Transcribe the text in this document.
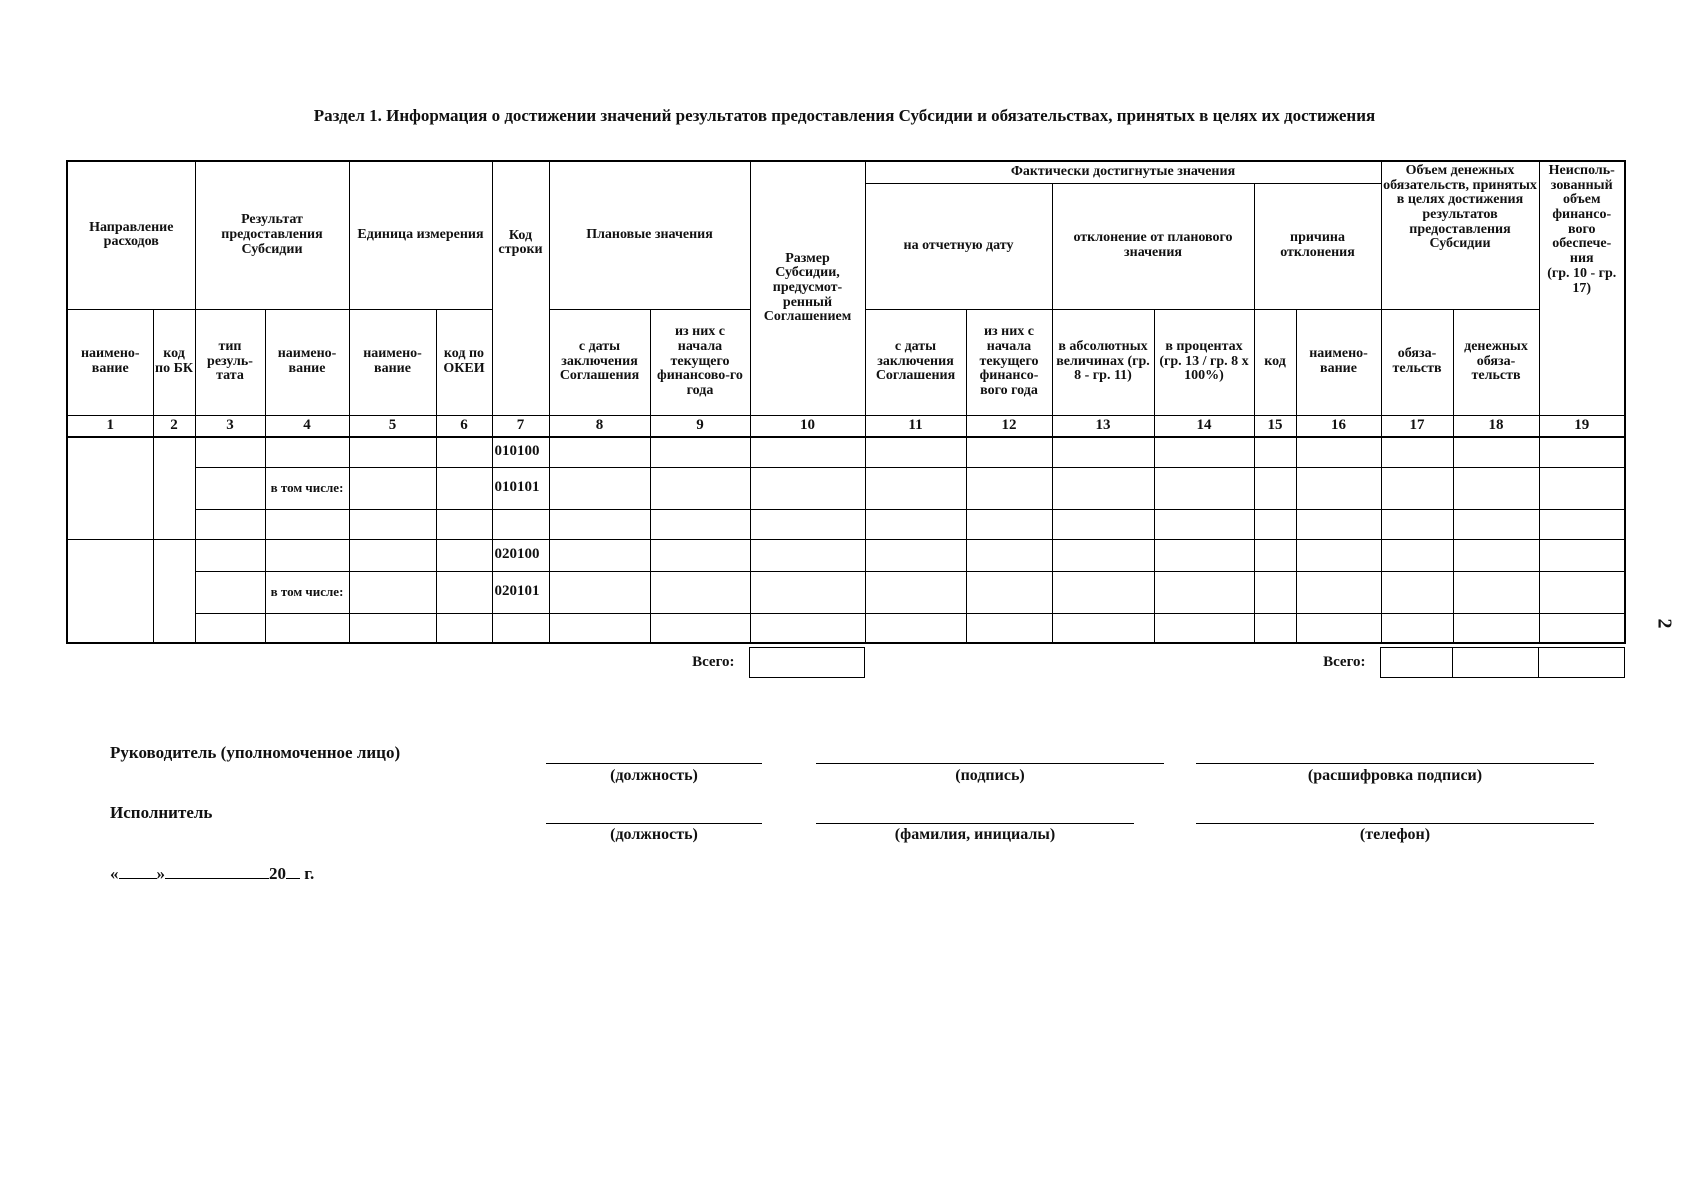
Раздел 1. Информация о достижении значений результатов предоставления Субсидии и обязательствах, принятых в целях их достижения
Направление расходов		Результат предоставления Субсидии		Единица измерения		Код строки	Плановые значения		Размер Субсидии, предусмот-ренный Соглашением	Фактически достигнутые значения						Объем денежных обязательств, принятых в целях достижения результатов предоставления Субсидии		Неисполь-зованный объем финансо-вого обеспече-ния
(гр. 10 - гр. 17)
										на отчетную дату		отклонение от планового значения		причина отклонения				
наимено-вание	код по БК	тип резуль-тата	наимено-вание	наимено-вание	код по ОКЕИ		с даты заключения Соглашения	из них с начала текущего финансово-го года		с даты заключения Соглашения	из них с начала текущего финансо-вого года	в абсолютных величинах (гр. 8 - гр. 11)	в процентах (гр. 13 / гр. 8 x 100%)	код	наимено-вание	обяза-тельств	денежных обяза-тельств	
1	2	3	4	5	6	7	8	9	10	11	12	13	14	15	16	17	18	19
						010100												
			в том числе:			010101												

						020100												
			в том числе:			020101												

Всего:		Всего:			
Руководитель (уполномоченное лицо)
(должность)	(подпись)	(расшифровка подписи)
Исполнитель
(должность)	(фамилия, инициалы)	(телефон)
« »	20 г.
2
